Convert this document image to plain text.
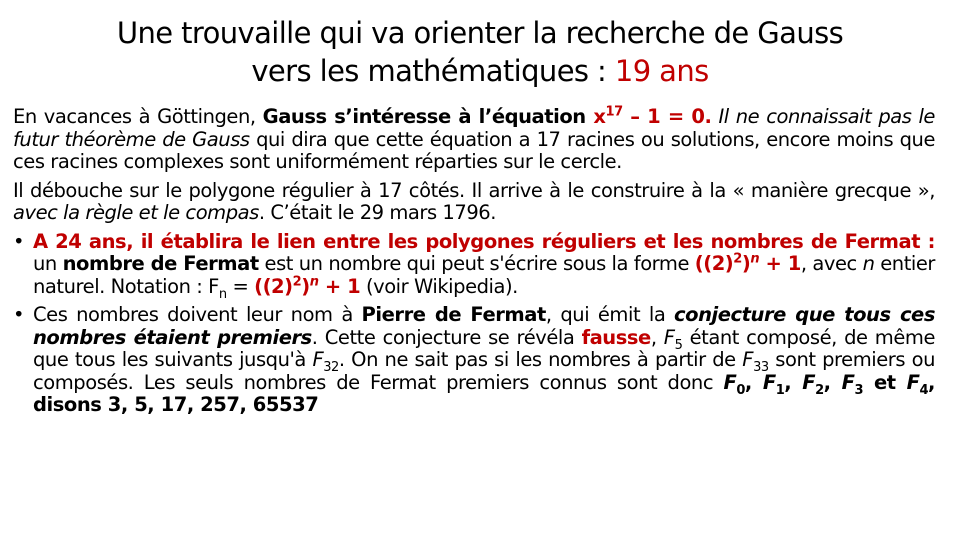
Une trouvaille qui va orienter la recherche de Gauss
vers les mathématiques : 19 ans

En vacances à Göttingen, Gauss s’intéresse à l’équation $x^{17} - 1 = 0$. Il ne connaissait pas le futur théorème de Gauss qui dira que cette équation a 17 racines ou solutions, encore moins que ces racines complexes sont uniformément réparties sur le cercle.

Il débouche sur le polygone régulier à 17 côtés. Il arrive à le construire à la « manière grecque », avec la règle et le compas. C’était le 29 mars 1796.

• A 24 ans, il établira le lien entre les polygones réguliers et les nombres de Fermat : un nombre de Fermat est un nombre qui peut s'écrire sous la forme $((2)^2)^n + 1$, avec n entier naturel. Notation : $F_n = ((2)^2)^n + 1$ (voir Wikipedia).
• Ces nombres doivent leur nom à Pierre de Fermat, qui émit la conjecture que tous ces nombres étaient premiers. Cette conjecture se révéla fausse, $F_5$ étant composé, de même que tous les suivants jusqu'à $F_{32}$. On ne sait pas si les nombres à partir de $F_{33}$ sont premiers ou composés. Les seuls nombres de Fermat premiers connus sont donc $F_0$, $F_1$, $F_2$, $F_3$ et $F_4$, disons 3, 5, 17, 257, 65537
